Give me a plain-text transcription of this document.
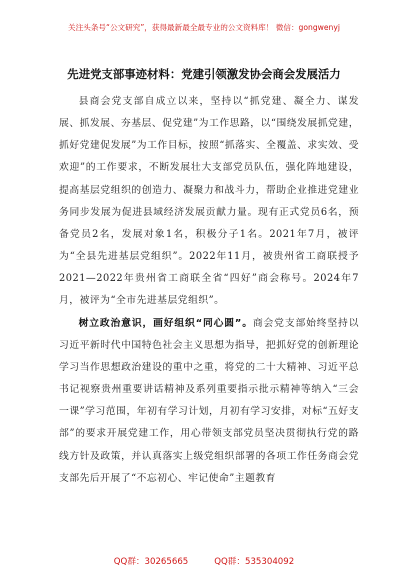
关注头条号“公文研究”，获得最新最全最专业的公文资料库！ 微信：gongwenyj
先进党支部事迹材料：党建引领激发协会商会发展活力

县商会党支部自成立以来，坚持以“抓党建、凝全力、谋发展、抓发展、夯基层、促党建”为工作思路，以“围绕发展抓党建，抓好党建促发展”为工作目标，按照“抓落实、全覆盖、求实效、受欢迎”的工作要求，不断发展壮大支部党员队伍，强化阵地建设，提高基层党组织的创造力、凝聚力和战斗力，帮助企业推进党建业务同步发展为促进县域经济发展贡献力量。现有正式党员6名，预备党员2名，发展对象1名，积极分子1名。2021年7月，被评为“全县先进基层党组织”。2022年11月，被贵州省工商联授予2021—2022年贵州省工商联全省“四好”商会称号。2024年7月，被评为“全市先进基层党组织”。

树立政治意识，画好组织“同心圆”。商会党支部始终坚持以习近平新时代中国特色社会主义思想为指导，把抓好党的创新理论学习当作思想政治建设的重中之重，将党的二十大精神、习近平总书记视察贵州重要讲话精神及系列重要指示批示精神等纳入“三会一课”学习范围，年初有学习计划，月初有学习安排，对标“五好支部”的要求开展党建工作，用心带领支部党员坚决贯彻执行党的路线方针及政策，并认真落实上级党组织部署的各项工作任务商会党支部先后开展了“不忘初心、牢记使命”主题教育

QQ群：30265665	QQ群：535304092
